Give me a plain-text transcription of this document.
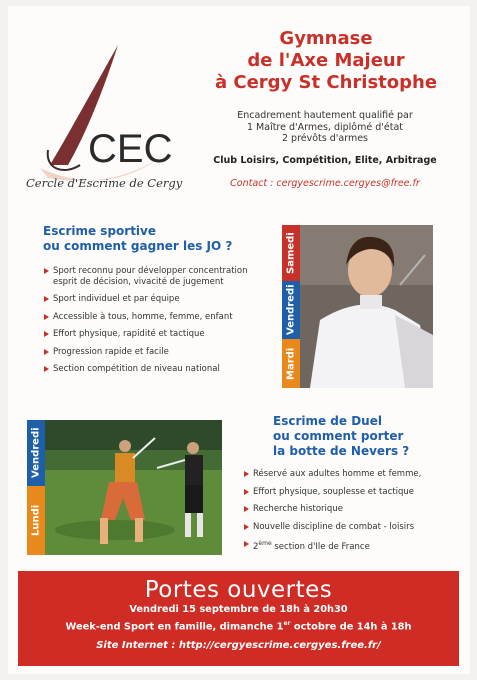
CEC
Cercle d'Escrime de Cergy
Gymnase
de l'Axe Majeur
à Cergy St Christophe
Encadrement hautement qualifié par
1 Maître d'Armes, diplômé d'état
2 prévôts d'armes
Club Loisirs, Compétition, Elite, Arbitrage
Contact : cergyescrime.cergyes@free.fr
Escrime sportive
ou comment gagner les JO ?
Sport reconnu pour développer concentration esprit de décision, vivacité de jugement
Sport individuel et par équipe
Accessible à tous, homme, femme, enfant
Effort physique, rapidité et tactique
Progression rapide et facile
Section compétition de niveau national
Samedi
Vendredi
Mardi
Vendredi
Lundi
Escrime de Duel
ou comment porter
la botte de Nevers ?
Réservé aux adultes homme et femme,
Effort physique, souplesse et tactique
Recherche historique
Nouvelle discipline de combat - loisirs
2ème section d'Ile de France
Portes ouvertes
Vendredi 15 septembre de 18h à 20h30
Week-end Sport en famille, dimanche 1er octobre de 14h à 18h
Site Internet : http://cergyescrime.cergyes.free.fr/
